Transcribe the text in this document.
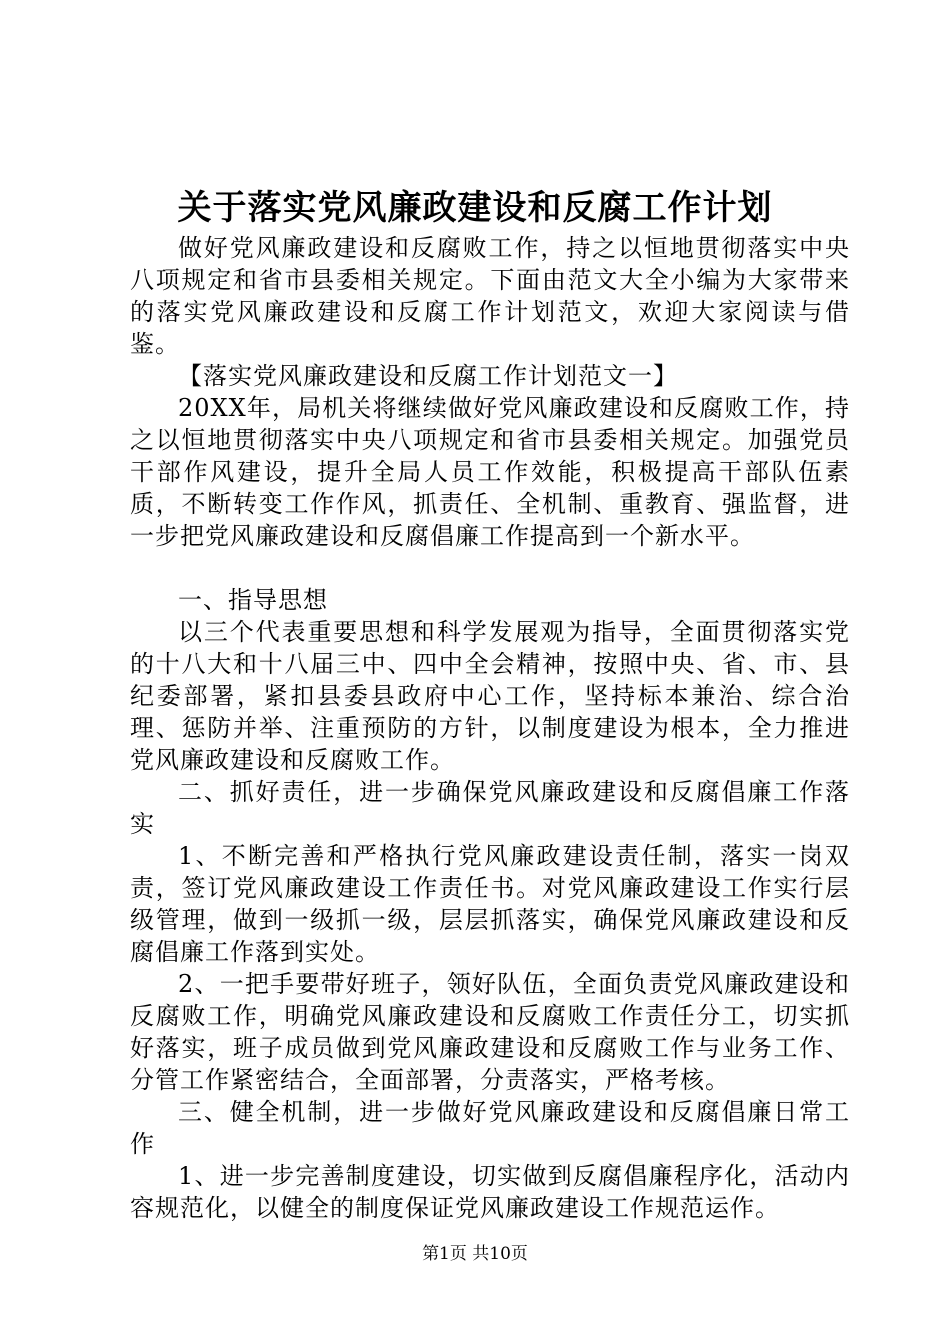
关于落实党风廉政建设和反腐工作计划

做好党风廉政建设和反腐败工作，持之以恒地贯彻落实中央八项规定和省市县委相关规定。下面由范文大全小编为大家带来的落实党风廉政建设和反腐工作计划范文，欢迎大家阅读与借鉴。

【落实党风廉政建设和反腐工作计划范文一】

20XX年，局机关将继续做好党风廉政建设和反腐败工作，持之以恒地贯彻落实中央八项规定和省市县委相关规定。加强党员干部作风建设，提升全局人员工作效能，积极提高干部队伍素质，不断转变工作作风，抓责任、全机制、重教育、强监督，进一步把党风廉政建设和反腐倡廉工作提高到一个新水平。

一、指导思想

以三个代表重要思想和科学发展观为指导，全面贯彻落实党的十八大和十八届三中、四中全会精神，按照中央、省、市、县纪委部署，紧扣县委县政府中心工作，坚持标本兼治、综合治理、惩防并举、注重预防的方针，以制度建设为根本，全力推进党风廉政建设和反腐败工作。

二、抓好责任，进一步确保党风廉政建设和反腐倡廉工作落实

1、不断完善和严格执行党风廉政建设责任制，落实一岗双责，签订党风廉政建设工作责任书。对党风廉政建设工作实行层级管理，做到一级抓一级，层层抓落实，确保党风廉政建设和反腐倡廉工作落到实处。

2、一把手要带好班子，领好队伍，全面负责党风廉政建设和反腐败工作，明确党风廉政建设和反腐败工作责任分工，切实抓好落实，班子成员做到党风廉政建设和反腐败工作与业务工作、分管工作紧密结合，全面部署，分责落实，严格考核。

三、健全机制，进一步做好党风廉政建设和反腐倡廉日常工作

1、进一步完善制度建设，切实做到反腐倡廉程序化，活动内容规范化，以健全的制度保证党风廉政建设工作规范运作。

第1页 共10页
